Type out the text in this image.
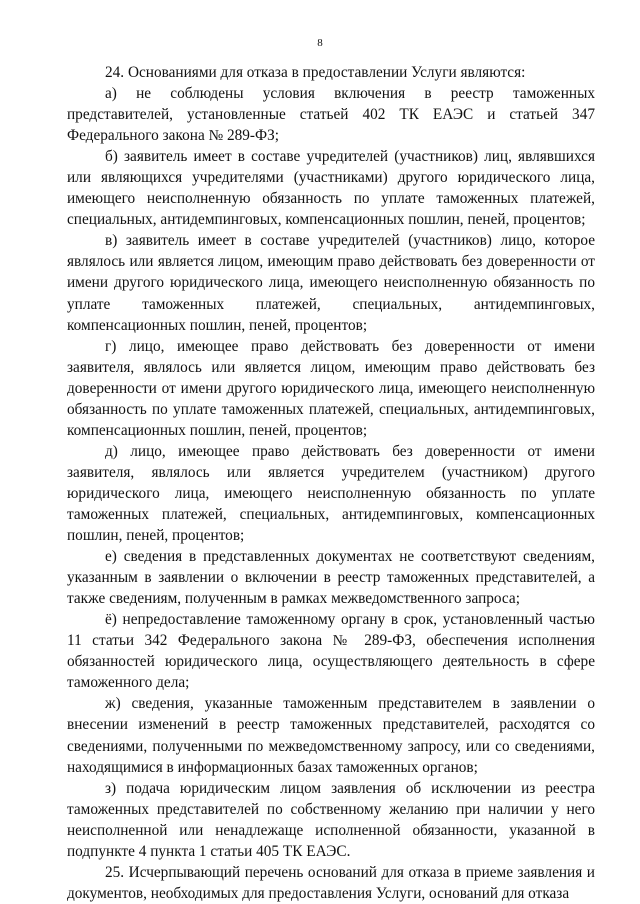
8

24. Основаниями для отказа в предоставлении Услуги являются:

а) не соблюдены условия включения в реестр таможенных представителей, установленные статьей 402 ТК ЕАЭС и статьей 347 Федерального закона № 289-ФЗ;

б) заявитель имеет в составе учредителей (участников) лиц, являвшихся или являющихся учредителями (участниками) другого юридического лица, имеющего неисполненную обязанность по уплате таможенных платежей, специальных, антидемпинговых, компенсационных пошлин, пеней, процентов;

в) заявитель имеет в составе учредителей (участников) лицо, которое являлось или является лицом, имеющим право действовать без доверенности от имени другого юридического лица, имеющего неисполненную обязанность по уплате таможенных платежей, специальных, антидемпинговых, компенсационных пошлин, пеней, процентов;

г) лицо, имеющее право действовать без доверенности от имени заявителя, являлось или является лицом, имеющим право действовать без доверенности от имени другого юридического лица, имеющего неисполненную обязанность по уплате таможенных платежей, специальных, антидемпинговых, компенсационных пошлин, пеней, процентов;

д) лицо, имеющее право действовать без доверенности от имени заявителя, являлось или является учредителем (участником) другого юридического лица, имеющего неисполненную обязанность по уплате таможенных платежей, специальных, антидемпинговых, компенсационных пошлин, пеней, процентов;

е) сведения в представленных документах не соответствуют сведениям, указанным в заявлении о включении в реестр таможенных представителей, а также сведениям, полученным в рамках межведомственного запроса;

ё) непредоставление таможенному органу в срок, установленный частью 11 статьи 342 Федерального закона № 289-ФЗ, обеспечения исполнения обязанностей юридического лица, осуществляющего деятельность в сфере таможенного дела;

ж) сведения, указанные таможенным представителем в заявлении о внесении изменений в реестр таможенных представителей, расходятся со сведениями, полученными по межведомственному запросу, или со сведениями, находящимися в информационных базах таможенных органов;

з) подача юридическим лицом заявления об исключении из реестра таможенных представителей по собственному желанию при наличии у него неисполненной или ненадлежаще исполненной обязанности, указанной в подпункте 4 пункта 1 статьи 405 ТК ЕАЭС.

25. Исчерпывающий перечень оснований для отказа в приеме заявления и документов, необходимых для предоставления Услуги, оснований для отказа
